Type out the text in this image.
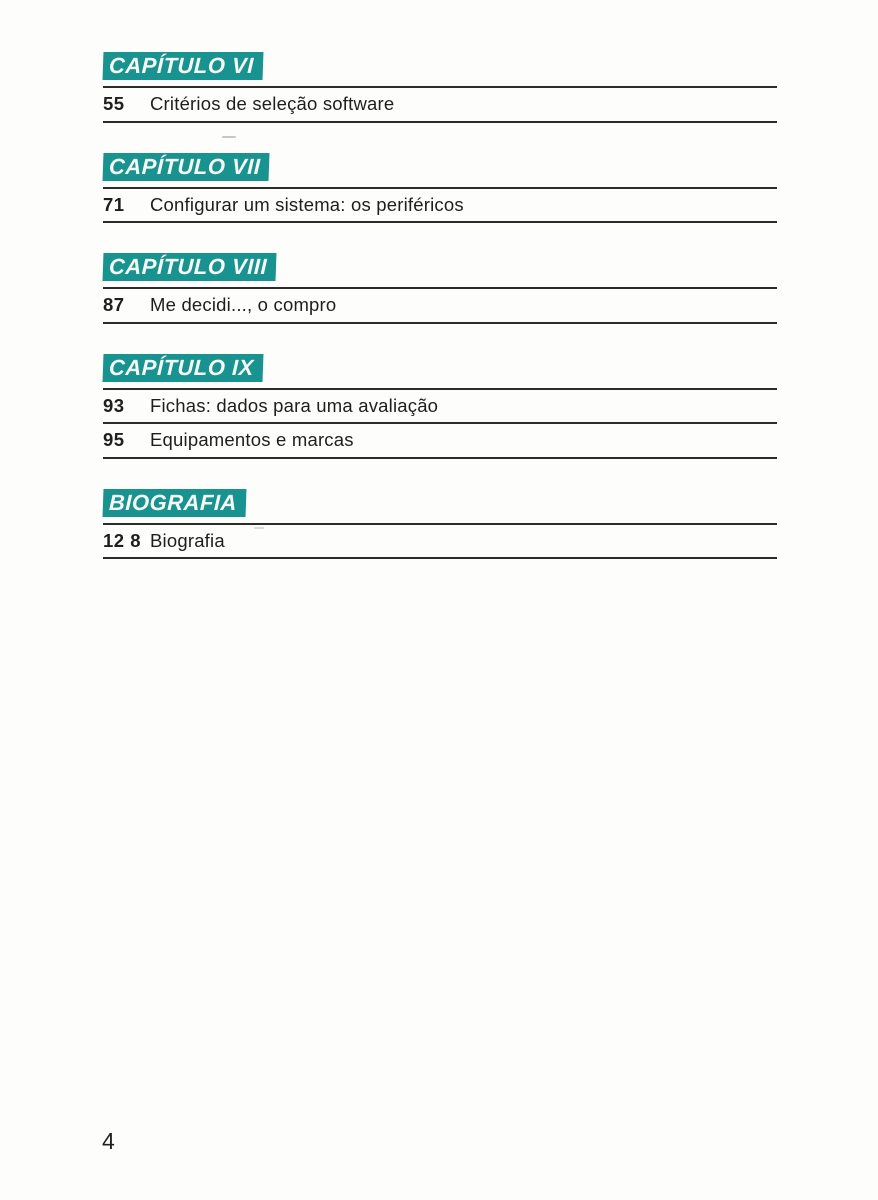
CAPÍTULO VI
55	Critérios de seleção software
CAPÍTULO VII
71	Configurar um sistema: os periféricos
CAPÍTULO VIII
87	Me decidi..., o compro
CAPÍTULO IX
93	Fichas: dados para uma avaliação
95	Equipamentos e marcas
BIOGRAFIA
12 8 Biografia
4
